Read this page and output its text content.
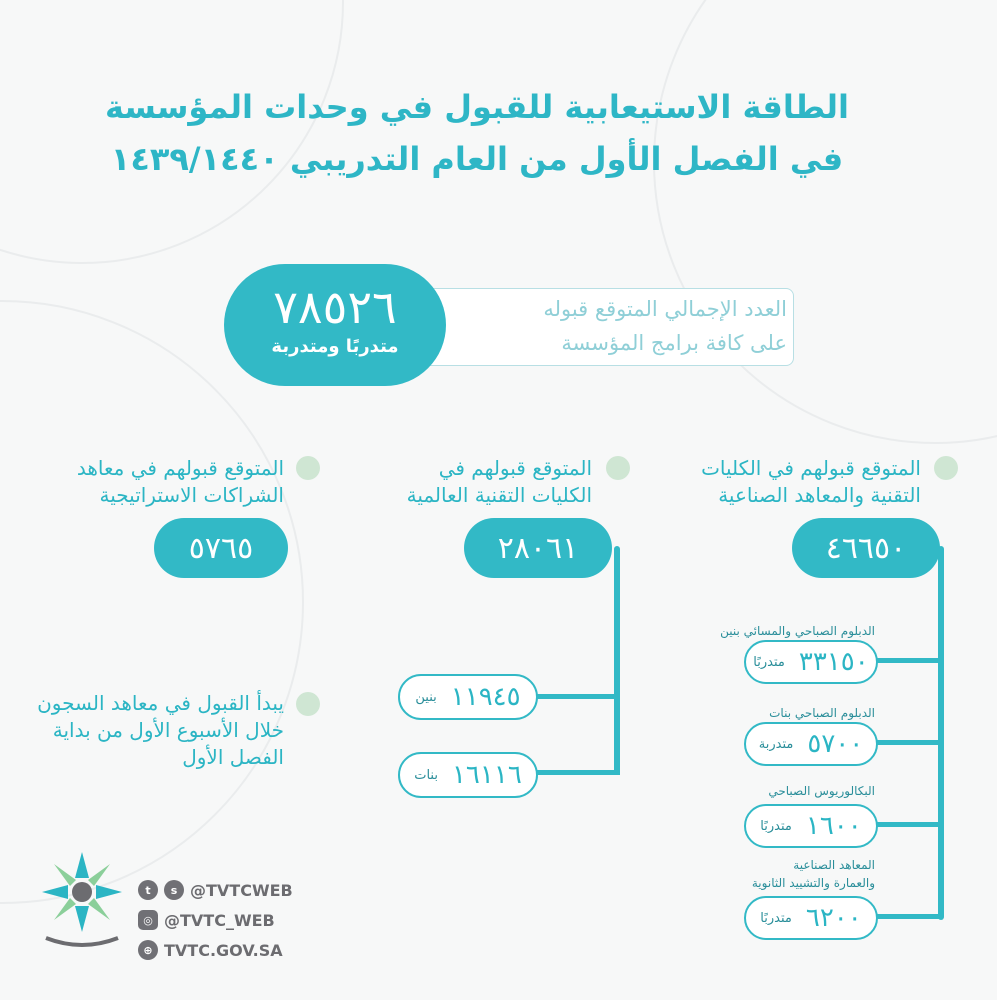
الطاقة الاستيعابية للقبول في وحدات المؤسسة
في الفصل الأول من العام التدريبي ١٤٣٩/١٤٤٠
العدد الإجمالي المتوقع قبوله
على كافة برامج المؤسسة
٧٨٥٢٦
متدربًا ومتدربة
المتوقع قبولهم في الكليات
التقنية والمعاهد الصناعية
٤٦٦٥٠
الدبلوم الصباحي والمسائي بنين
٣٣١٥٠
متدربًا
الدبلوم الصباحي بنات
٥٧٠٠
متدربة
البكالوريوس الصباحي
١٦٠٠
متدربًا
المعاهد الصناعية
والعمارة والتشييد الثانوية
٦٢٠٠
متدربًا
المتوقع قبولهم في
الكليات التقنية العالمية
٢٨٠٦١
١١٩٤٥
بنين
١٦١١٦
بنات
المتوقع قبولهم في معاهد
الشراكات الاستراتيجية
٥٧٦٥
يبدأ القبول في معاهد السجون
خلال الأسبوع الأول من بداية
الفصل الأول
t	s @TVTCWEB
◎ @TVTC_WEB
⊕ TVTC.GOV.SA
